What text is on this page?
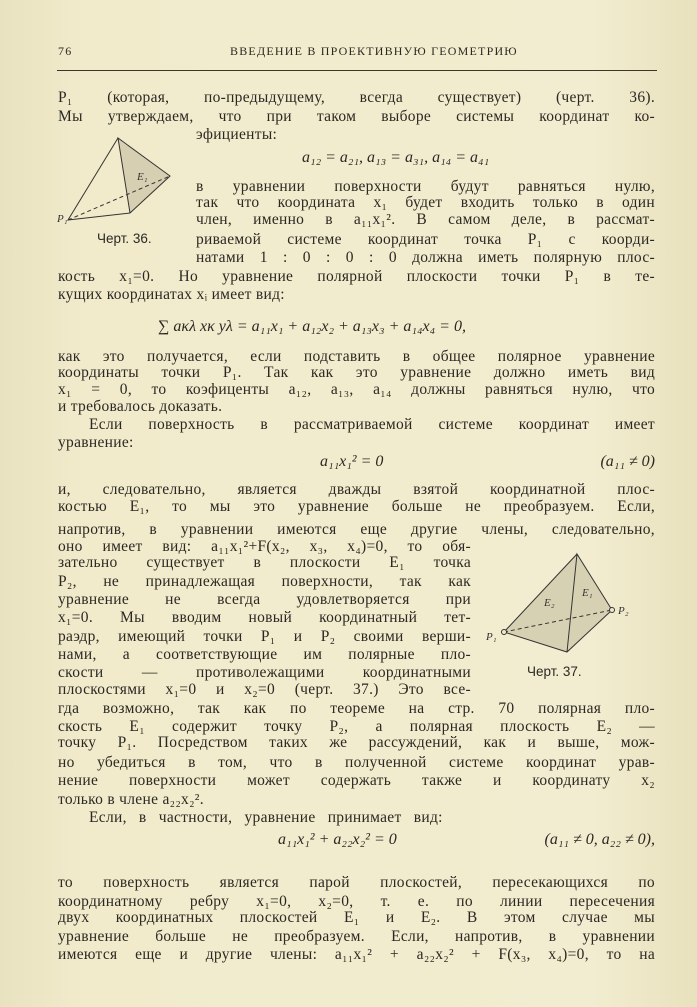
76	ВВЕДЕНИЕ В ПРОЕКТИВНУЮ ГЕОМЕТРИЮ
P₁
E₁
Черт. 36.
E₂
E₁
P₂
P₁
Черт. 37.
P₁ (которая, по-предыдущему, всегда существует) (черт. 36).
Мы утверждаем, что при таком выборе системы координат ко-
эфициенты:
a₁₂ = a₂₁, a₁₃ = a₃₁, a₁₄ = a₄₁
в уравнении поверхности будут равняться нулю,
так что координата x₁ будет входить только в один
член, именно в a₁₁x₁². В самом деле, в рассмат-
риваемой системе координат точка P₁ с коорди-
натами 1 : 0 : 0 : 0 должна иметь полярную плос-
кость x₁=0. Но уравнение полярной плоскости точки P₁ в те-
кущих координатах xᵢ имеет вид:
∑ aκλ xκ yλ = a₁₁x₁ + a₁₂x₂ + a₁₃x₃ + a₁₄x₄ = 0,
как это получается, если подставить в общее полярное уравнение
координаты точки P₁. Так как это уравнение должно иметь вид
x₁ = 0, то коэфиценты a₁₂, a₁₃, a₁₄ должны равняться нулю, что
и требовалось доказать.
Если поверхность в рассматриваемой системе координат имеет
уравнение:
a₁₁x₁² = 0	(a₁₁ ≠ 0)
и, следовательно, является дважды взятой координатной плос-
костью E₁, то мы это уравнение больше не преобразуем. Если,
напротив, в уравнении имеются еще другие члены, следовательно,
оно имеет вид: a₁₁x₁²+F(x₂, x₃, x₄)=0, то обя-
зательно существует в плоскости E₁ точка
P₂, не принадлежащая поверхности, так как
уравнение не всегда удовлетворяется при
x₁=0. Мы вводим новый координатный тет-
раэдр, имеющий точки P₁ и P₂ своими верши-
нами, а соответствующие им полярные пло-
скости — противолежащими координатными
плоскостями x₁=0 и x₂=0 (черт. 37.) Это все-
гда возможно, так как по теореме на стр. 70 полярная пло-
скость E₁ содержит точку P₂, а полярная плоскость E₂ —
точку P₁. Посредством таких же рассуждений, как и выше, мож-
но убедиться в том, что в полученной системе координат урав-
нение поверхности может содержать также и координату x₂
только в члене a₂₂x₂².
Если, в частности, уравнение принимает вид:
a₁₁x₁² + a₂₂x₂² = 0	(a₁₁ ≠ 0, a₂₂ ≠ 0),
то поверхность является парой плоскостей, пересекающихся по
координатному ребру x₁=0, x₂=0, т. е. по линии пересечения
двух координатных плоскостей E₁ и E₂. В этом случае мы
уравнение больше не преобразуем. Если, напротив, в уравнении
имеются еще и другие члены: a₁₁x₁² + a₂₂x₂² + F(x₃, x₄)=0, то на
